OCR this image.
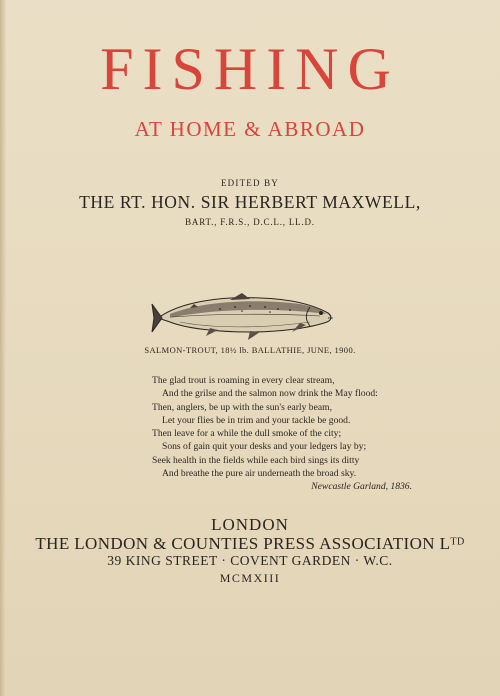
FISHING
AT HOME & ABROAD
EDITED BY
THE RT. HON. SIR HERBERT MAXWELL,
BART., F.R.S., D.C.L., LL.D.
SALMON-TROUT, 18½ lb. BALLATHIE, JUNE, 1900.
The glad trout is roaming in every clear stream,
And the grilse and the salmon now drink the May flood:
Then, anglers, be up with the sun's early beam,
Let your flies be in trim and your tackle be good.
Then leave for a while the dull smoke of the city;
Sons of gain quit your desks and your ledgers lay by;
Seek health in the fields while each bird sings its ditty
And breathe the pure air underneath the broad sky.
Newcastle Garland, 1836.
LONDON
THE LONDON & COUNTIES PRESS ASSOCIATION Lᵀᴰ
39 KING STREET · COVENT GARDEN · W.C.
MCMXIII
